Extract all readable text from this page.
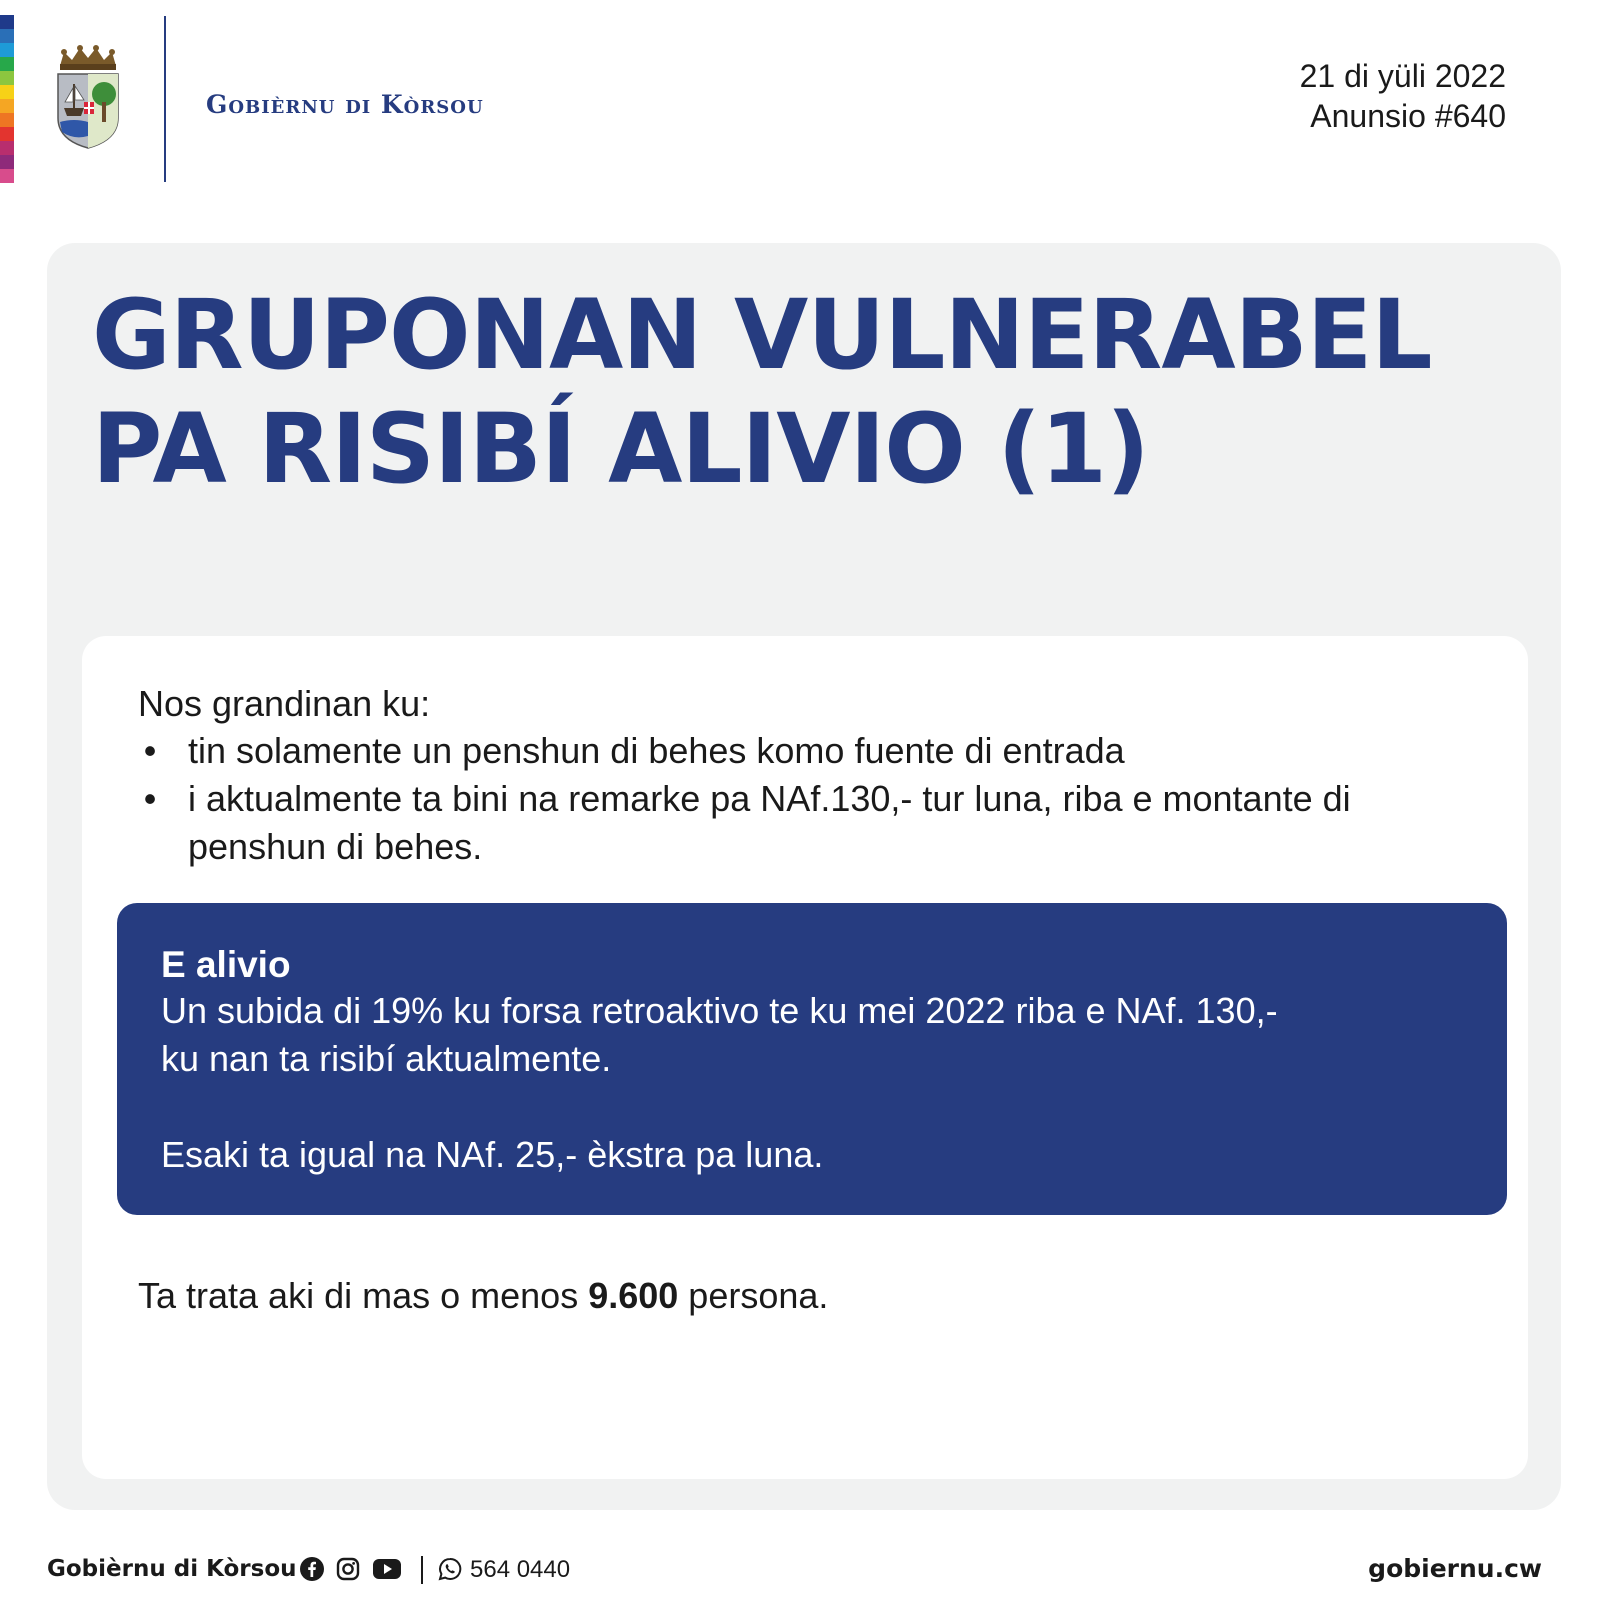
Gobièrnu di Kòrsou
21 di yüli 2022
Anunsio #640
GRUPONAN VULNERABEL
PA RISIBÍ ALIVIO (1)

Nos grandinan ku:

• tin solamente un penshun di behes komo fuente di entrada
• i aktualmente ta bini na remarke pa NAf.130,- tur luna, riba e montante di penshun di behes.
E alivio
Un subida di 19% ku forsa retroaktivo te ku mei 2022 riba e NAf. 130,-
ku nan ta risibí aktualmente.
Esaki ta igual na NAf. 25,- èkstra pa luna.

Ta trata aki di mas o menos 9.600 persona.

Gobièrnu di Kòrsou	564 0440	gobiernu.cw
